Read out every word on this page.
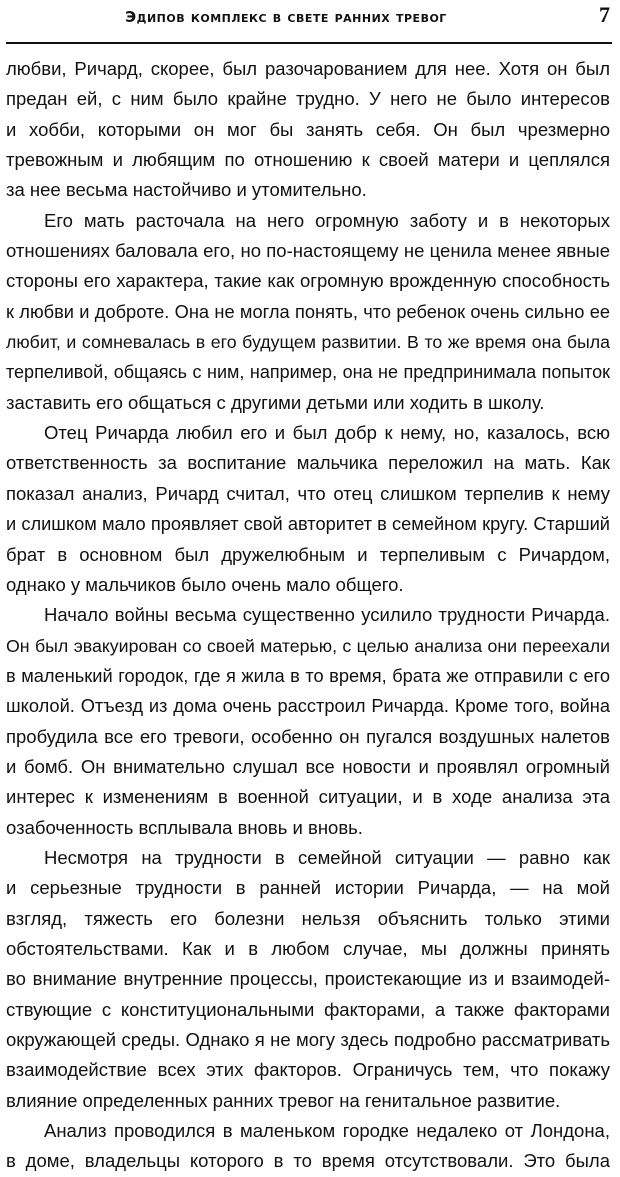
Эдипов комплекс в свете ранних тревог	7
любви, Ричард, скорее, был разочарованием для нее. Хотя он был
предан ей, с ним было крайне трудно. У него не было интересов
и хобби, которыми он мог бы занять себя. Он был чрезмерно
тревожным и любящим по отношению к своей матери и цеплялся
за нее весьма настойчиво и утомительно.
Его мать расточала на него огромную заботу и в некоторых
отношениях баловала его, но по-настоящему не ценила менее явные
стороны его характера, такие как огромную врожденную способность
к любви и доброте. Она не могла понять, что ребенок очень сильно ее
любит, и сомневалась в его будущем развитии. В то же время она была
терпеливой, общаясь с ним, например, она не предпринимала попыток
заставить его общаться с другими детьми или ходить в школу.
Отец Ричарда любил его и был добр к нему, но, казалось, всю
ответственность за воспитание мальчика переложил на мать. Как
показал анализ, Ричард считал, что отец слишком терпелив к нему
и слишком мало проявляет свой авторитет в семейном кругу. Старший
брат в основном был дружелюбным и терпеливым с Ричардом,
однако у мальчиков было очень мало общего.
Начало войны весьма существенно усилило трудности Ричарда.
Он был эвакуирован со своей матерью, с целью анализа они переехали
в маленький городок, где я жила в то время, брата же отправили с его
школой. Отъезд из дома очень расстроил Ричарда. Кроме того, война
пробудила все его тревоги, особенно он пугался воздушных налетов
и бомб. Он внимательно слушал все новости и проявлял огромный
интерес к изменениям в военной ситуации, и в ходе анализа эта
озабоченность всплывала вновь и вновь.
Несмотря на трудности в семейной ситуации — равно как
и серьезные трудности в ранней истории Ричарда, — на мой
взгляд, тяжесть его болезни нельзя объяснить только этими
обстоятельствами. Как и в любом случае, мы должны принять
во внимание внутренние процессы, проистекающие из и взаимодей-
ствующие с конституциональными факторами, а также факторами
окружающей среды. Однако я не могу здесь подробно рассматривать
взаимодействие всех этих факторов. Ограничусь тем, что покажу
влияние определенных ранних тревог на генитальное развитие.
Анализ проводился в маленьком городке недалеко от Лондона,
в доме, владельцы которого в то время отсутствовали. Это была
